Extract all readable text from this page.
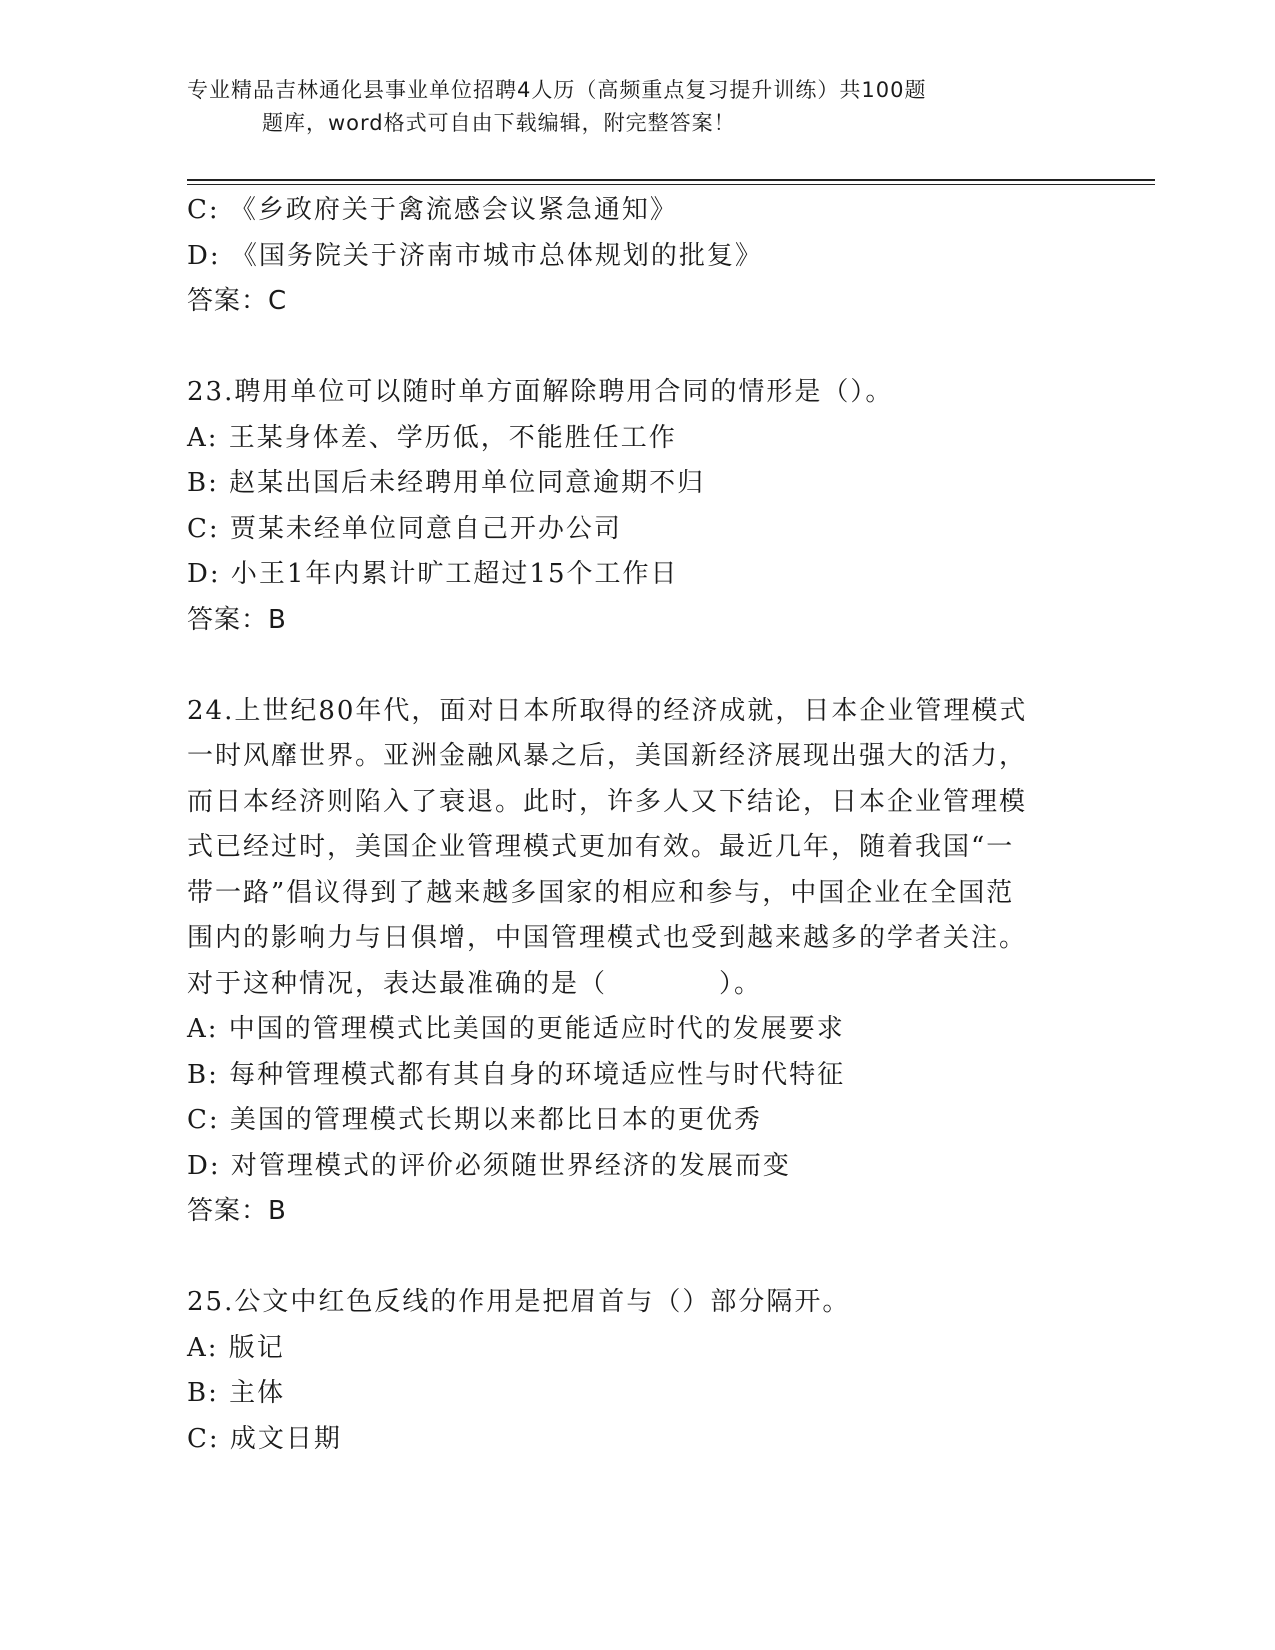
专业精品吉林通化县事业单位招聘4人历（高频重点复习提升训练）共100题
题库，word格式可自由下载编辑，附完整答案！
C: 《乡政府关于禽流感会议紧急通知》
D: 《国务院关于济南市城市总体规划的批复》
答案：C
23.聘用单位可以随时单方面解除聘用合同的情形是（）。
A: 王某身体差、学历低，不能胜任工作
B: 赵某出国后未经聘用单位同意逾期不归
C: 贾某未经单位同意自己开办公司
D: 小王1年内累计旷工超过15个工作日
答案：B

24.上世纪80年代，面对日本所取得的经济成就，日本企业管理模式

一时风靡世界。亚洲金融风暴之后，美国新经济展现出强大的活力，

而日本经济则陷入了衰退。此时，许多人又下结论，日本企业管理模

式已经过时，美国企业管理模式更加有效。最近几年，随着我国“一

带一路”倡议得到了越来越多国家的相应和参与，中国企业在全国范

围内的影响力与日俱增，中国管理模式也受到越来越多的学者关注。

对于这种情况，表达最准确的是（　　　　）。

A: 中国的管理模式比美国的更能适应时代的发展要求
B: 每种管理模式都有其自身的环境适应性与时代特征
C: 美国的管理模式长期以来都比日本的更优秀
D: 对管理模式的评价必须随世界经济的发展而变
答案：B
25.公文中红色反线的作用是把眉首与（）部分隔开。
A: 版记
B: 主体
C: 成文日期
